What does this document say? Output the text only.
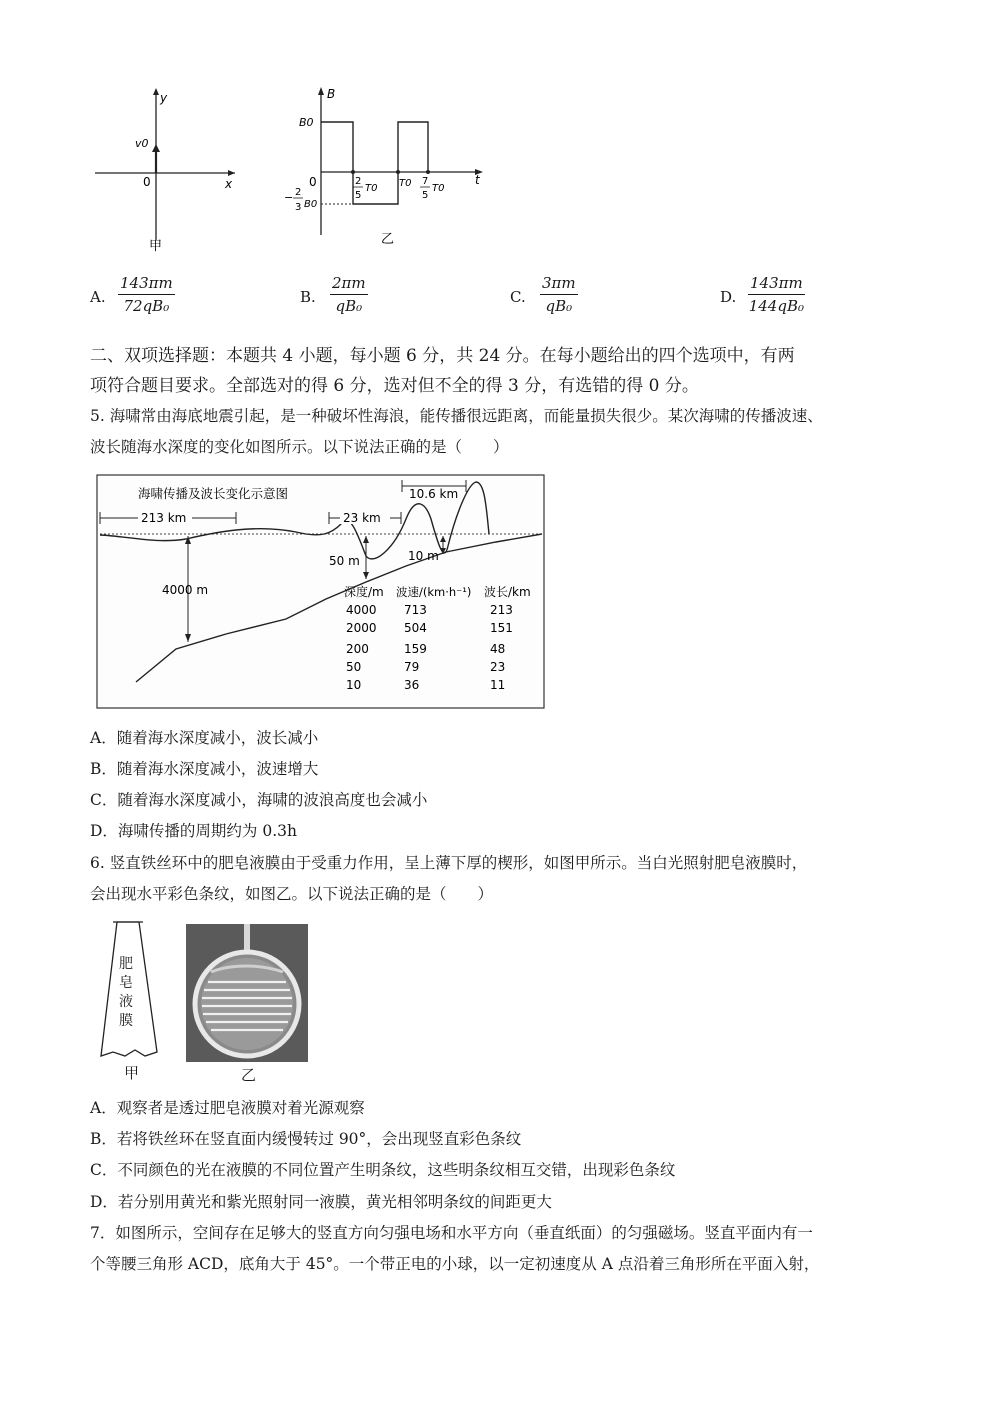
y
x
0
v0
甲
B
t
0
B0
− 2
3 B0
2
5
T0 T0 7
5
T0
乙
A. $\frac{143\pi m}{\text{72qB₀}}$	B. $\frac{2\pi m}{\text{qB₀}}$	C. $\frac{3\pi m}{\text{qB₀}}$	D. $\frac{143\pi m}{\text{144qB₀}}$
二、双项选择题：本题共 4 小题，每小题 6 分，共 24 分。在每小题给出的四个选项中，有两
项符合题目要求。全部选对的得 6 分，选对但不全的得 3 分，有选错的得 0 分。
5. 海啸常由海底地震引起，是一种破坏性海浪，能传播很远距离，而能量损失很少。某次海啸的传播波速、
波长随海水深度的变化如图所示。以下说法正确的是（　　）
海啸传播及波长变化示意图
213 km	23 km
10.6 km
4000 m
50 m	10 m
深度/m 波速/(km·h⁻¹) 波长/km
4000 713	213
2000 504	151
200	159	48
50	79	23
10	36	11
A．随着海水深度减小，波长减小
B．随着海水深度减小，波速增大
C．随着海水深度减小，海啸的波浪高度也会减小
D．海啸传播的周期约为 0.3h
6. 竖直铁丝环中的肥皂液膜由于受重力作用，呈上薄下厚的楔形，如图甲所示。当白光照射肥皂液膜时，
会出现水平彩色条纹，如图乙。以下说法正确的是（　　）
肥
皂
液
膜
甲	乙
A．观察者是透过肥皂液膜对着光源观察
B．若将铁丝环在竖直面内缓慢转过 90°，会出现竖直彩色条纹
C．不同颜色的光在液膜的不同位置产生明条纹，这些明条纹相互交错，出现彩色条纹
D．若分别用黄光和紫光照射同一液膜，黄光相邻明条纹的间距更大
7．如图所示，空间存在足够大的竖直方向匀强电场和水平方向（垂直纸面）的匀强磁场。竖直平面内有一
个等腰三角形 ACD，底角大于 45°。一个带正电的小球，以一定初速度从 A 点沿着三角形所在平面入射，
